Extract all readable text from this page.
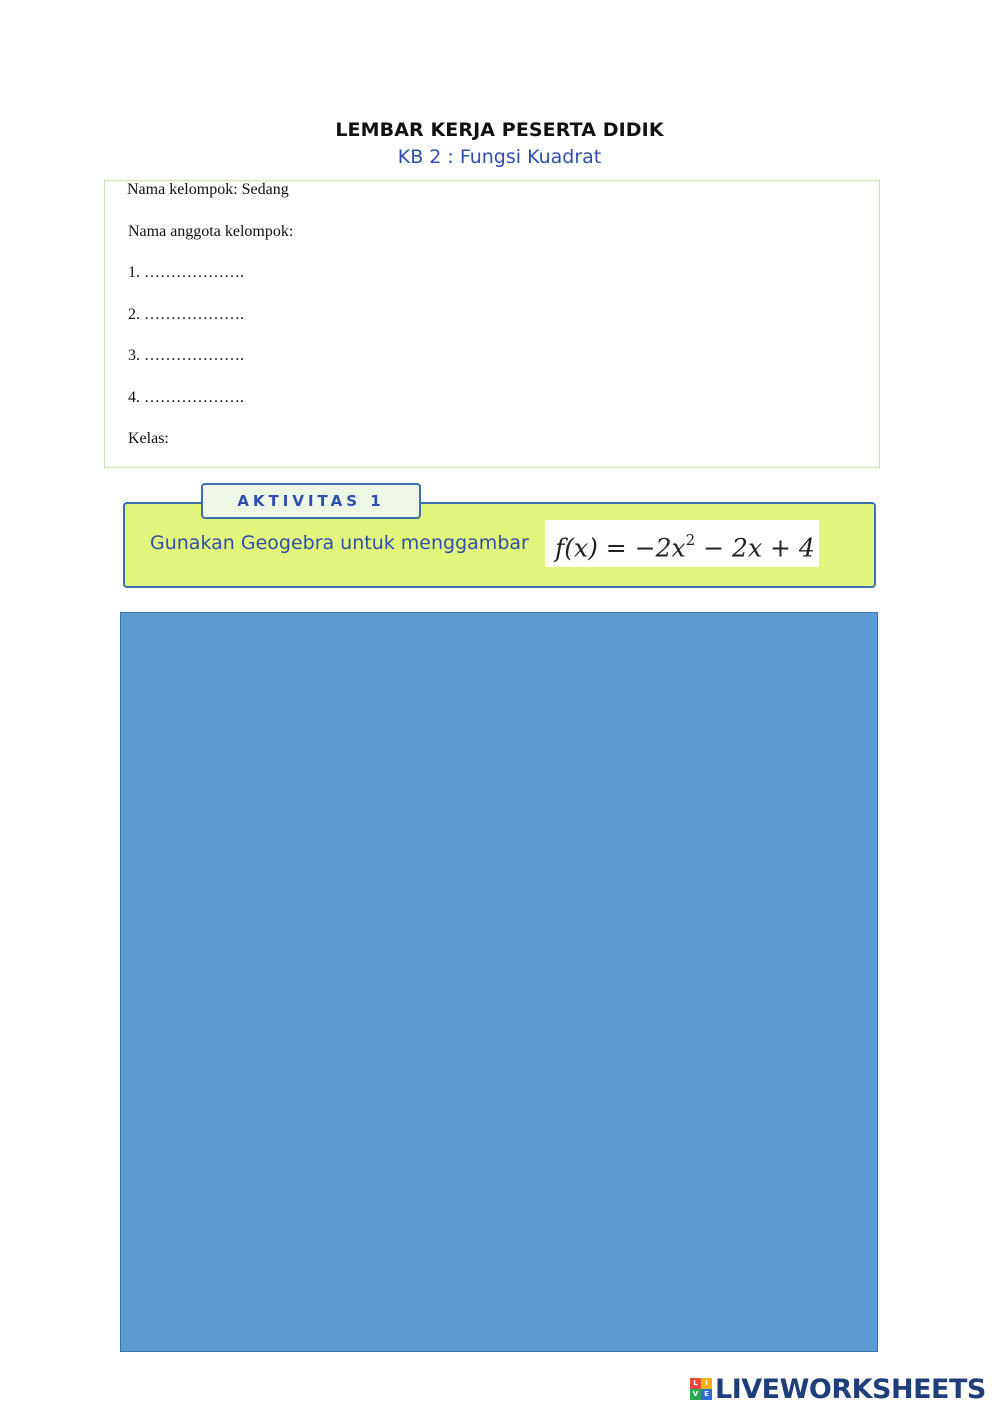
LEMBAR KERJA PESERTA DIDIK
KB 2 : Fungsi Kuadrat
Nama kelompok: Sedang
Nama anggota kelompok:
1. ……………….
2. ……………….
3. ……………….
4. ……………….
Kelas:
AKTIVITAS 1
Gunakan Geogebra untuk menggambar	$f(x) = -2x^2 - 2x + 4$
L	I
V E LIVEWORKSHEETS
